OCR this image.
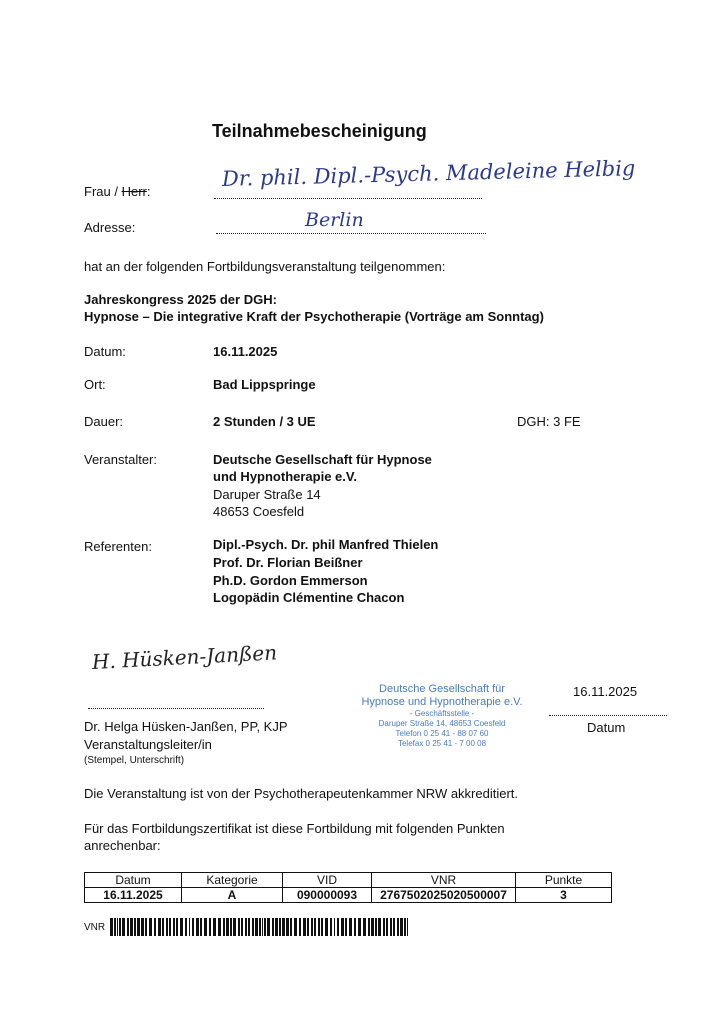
Teilnahmebescheinigung
Frau / Herr:
Dr. phil. Dipl.-Psych. Madeleine Helbig
Adresse:	Berlin
hat an der folgenden Fortbildungsveranstaltung teilgenommen:
Jahreskongress 2025 der DGH:
Hypnose – Die integrative Kraft der Psychotherapie (Vorträge am Sonntag)
Datum:	16.11.2025
Ort:	Bad Lippspringe
Dauer:	2 Stunden / 3 UE	DGH: 3 FE
Veranstalter:	Deutsche Gesellschaft für Hypnose
und Hypnotherapie e.V.
Daruper Straße 14
48653 Coesfeld
Referenten:	Dipl.-Psych. Dr. phil Manfred Thielen
Prof. Dr. Florian Beißner
Ph.D. Gordon Emmerson
Logopädin Clémentine Chacon
H. Hüsken-Janßen
Dr. Helga Hüsken-Janßen, PP, KJP
Veranstaltungsleiter/in
(Stempel, Unterschrift)
Deutsche Gesellschaft für
Hypnose und Hypnotherapie e.V.
- Geschäftsstelle -
Daruper Straße 14, 48653 Coesfeld
Telefon 0 25 41 - 88 07 60
Telefax 0 25 41 - 7 00 08
16.11.2025
Datum
Die Veranstaltung ist von der Psychotherapeutenkammer NRW akkreditiert.
Für das Fortbildungszertifikat ist diese Fortbildung mit folgenden Punkten
anrechenbar:
Datum	Kategorie	VID	VNR	Punkte
16.11.2025	A	090000093	2767502025020500007	3
VNR
